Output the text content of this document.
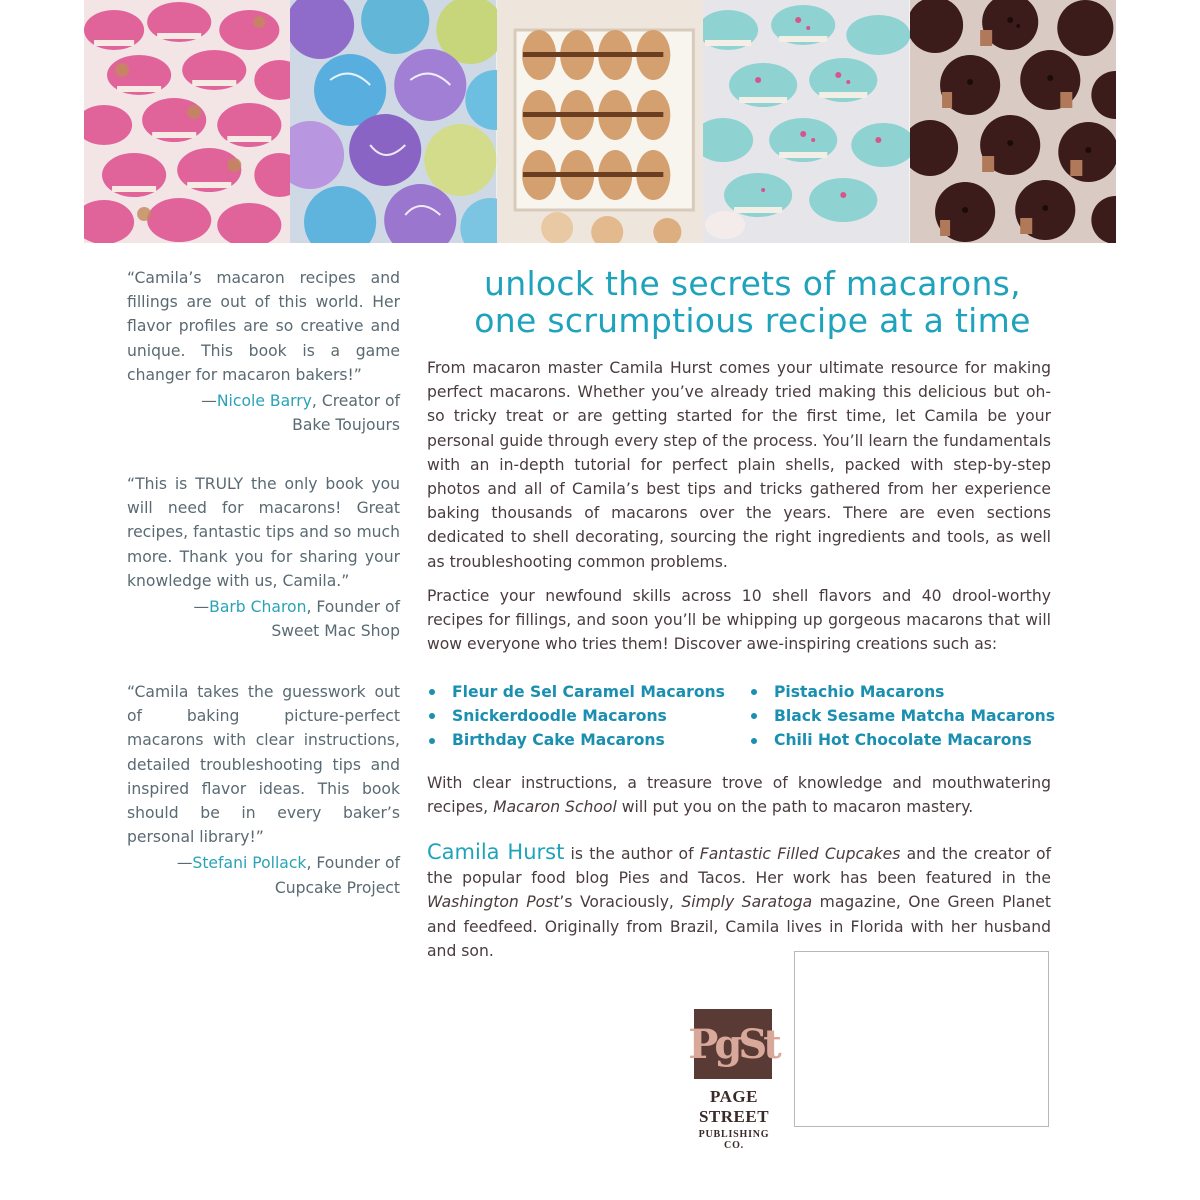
“Camila’s macaron recipes and fillings are out of this world. Her flavor profiles are so creative and unique. This book is a game changer for macaron bakers!”

—Nicole Barry, Creator of
Bake Toujours

“This is TRULY the only book you will need for macarons! Great recipes, fantastic tips and so much more. Thank you for sharing your knowledge with us, Camila.”

—Barb Charon, Founder of
Sweet Mac Shop

“Camila takes the guesswork out of baking picture-perfect macarons with clear instructions, detailed troubleshooting tips and inspired flavor ideas. This book should be in every baker’s personal library!”

—Stefani Pollack, Founder of
Cupcake Project

unlock the secrets of macarons,
one scrumptious recipe at a time

From macaron master Camila Hurst comes your ultimate resource for making perfect macarons. Whether you’ve already tried making this delicious but oh-so tricky treat or are getting started for the first time, let Camila be your personal guide through every step of the process. You’ll learn the fundamentals with an in-depth tutorial for perfect plain shells, packed with step-by-step photos and all of Camila’s best tips and tricks gathered from her experience baking thousands of macarons over the years. There are even sections dedicated to shell decorating, sourcing the right ingredients and tools, as well as troubleshooting common problems.

Practice your newfound skills across 10 shell flavors and 40 drool-worthy recipes for fillings, and soon you’ll be whipping up gorgeous macarons that will wow everyone who tries them! Discover awe-inspiring creations such as:

Fleur de Sel Caramel Macarons	Pistachio Macarons
Snickerdoodle Macarons	Black Sesame Matcha Macarons
Birthday Cake Macarons	Chili Hot Chocolate Macarons

With clear instructions, a treasure trove of knowledge and mouthwatering recipes, Macaron School will put you on the path to macaron mastery.

Camila Hurst is the author of Fantastic Filled Cupcakes and the creator of the popular food blog Pies and Tacos. Her work has been featured in the Washington Post’s Voraciously, Simply Saratoga magazine, One Green Planet and feedfeed. Originally from Brazil, Camila lives in Florida with her husband and son.

PgSt
PAGE STREET
PUBLISHING CO.
